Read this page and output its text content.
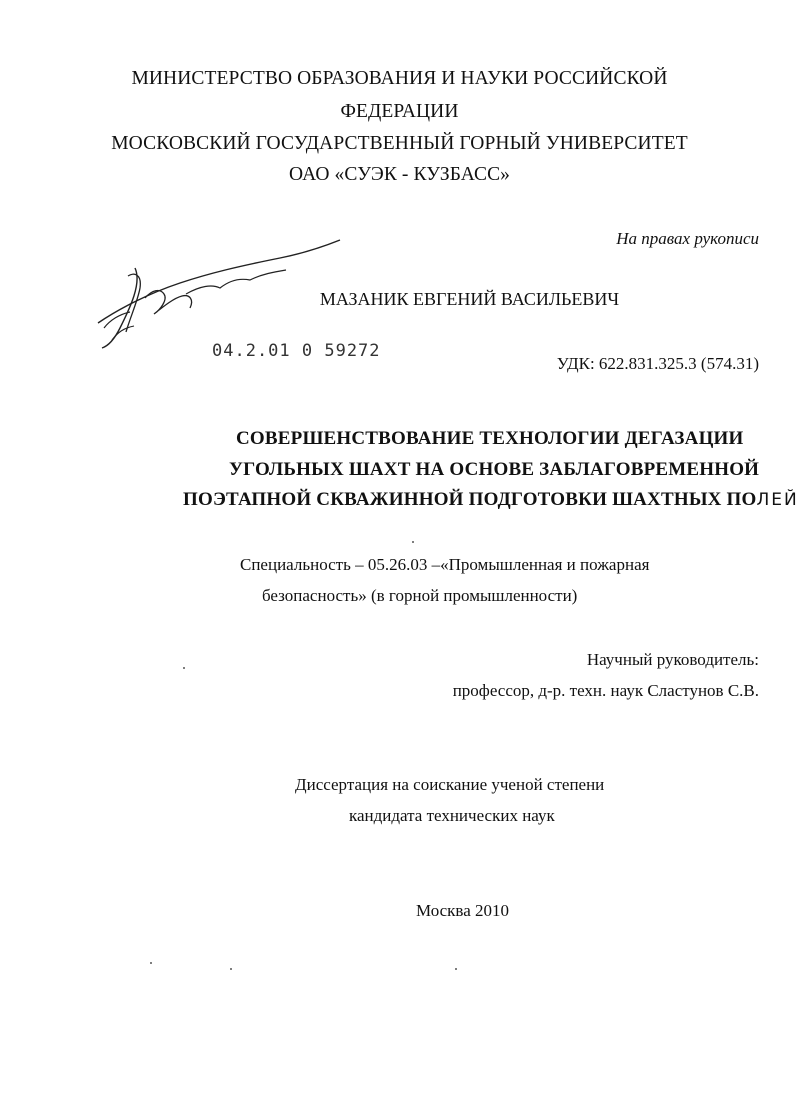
МИНИСТЕРСТВО ОБРАЗОВАНИЯ И НАУКИ РОССИЙСКОЙ
ФЕДЕРАЦИИ
МОСКОВСКИЙ ГОСУДАРСТВЕННЫЙ ГОРНЫЙ УНИВЕРСИТЕТ
ОАО «СУЭК - КУЗБАСС»
На правах рукописи
МАЗАНИК ЕВГЕНИЙ ВАСИЛЬЕВИЧ
04.2.01 0 59272
УДК: 622.831.325.3 (574.31)
СОВЕРШЕНСТВОВАНИЕ ТЕХНОЛОГИИ ДЕГАЗАЦИИ
УГОЛЬНЫХ ШАХТ НА ОСНОВЕ ЗАБЛАГОВРЕМЕННОЙ
ПОЭТАПНОЙ СКВАЖИННОЙ ПОДГОТОВКИ ШАХТНЫХ ПОЛЕЙ
Специальность – 05.26.03 –«Промышленная и пожарная
безопасность» (в горной промышленности)
Научный руководитель:
профессор, д-р. техн. наук Сластунов С.В.
Диссертация на соискание ученой степени
кандидата технических наук
Москва 2010
